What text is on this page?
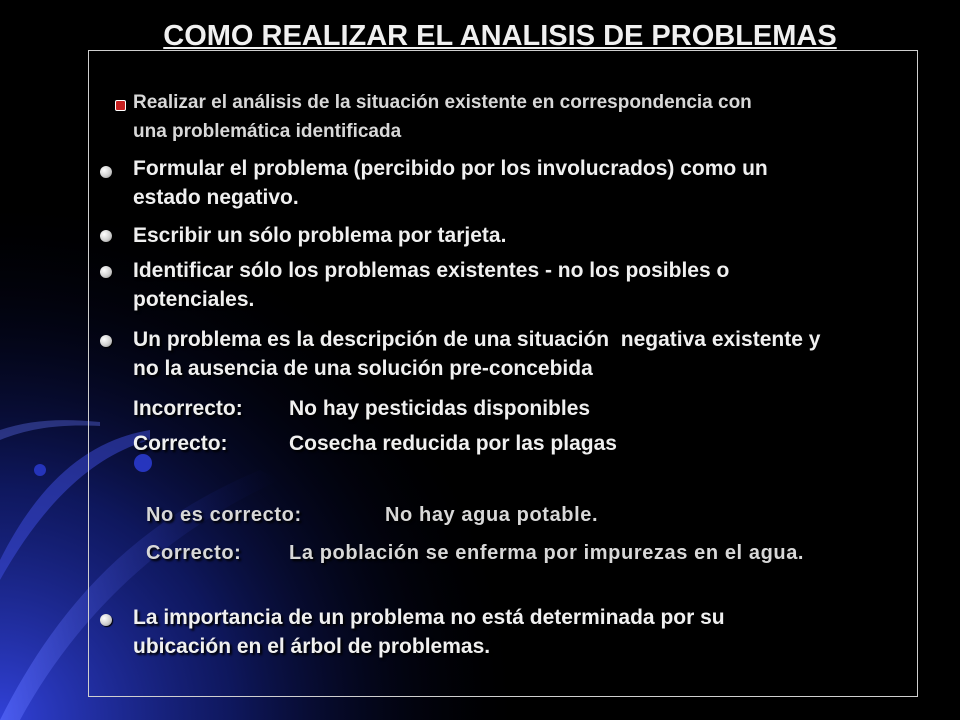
COMO REALIZAR EL ANALISIS DE PROBLEMAS
Realizar el análisis de la situación existente en correspondencia con
una problemática identificada
Formular el problema (percibido por los involucrados) como un
estado negativo.
Escribir un sólo problema por tarjeta.
Identificar sólo los problemas existentes - no los posibles o
potenciales.
Un problema es la descripción de una situación  negativa existente y
no la ausencia de una solución pre-concebida
Incorrecto: No hay pesticidas disponibles
Correcto:	Cosecha reducida por las plagas
No es correcto:	No hay agua potable.
Correcto: La población se enferma por impurezas en el agua.
La importancia de un problema no está determinada por su
ubicación en el árbol de problemas.
